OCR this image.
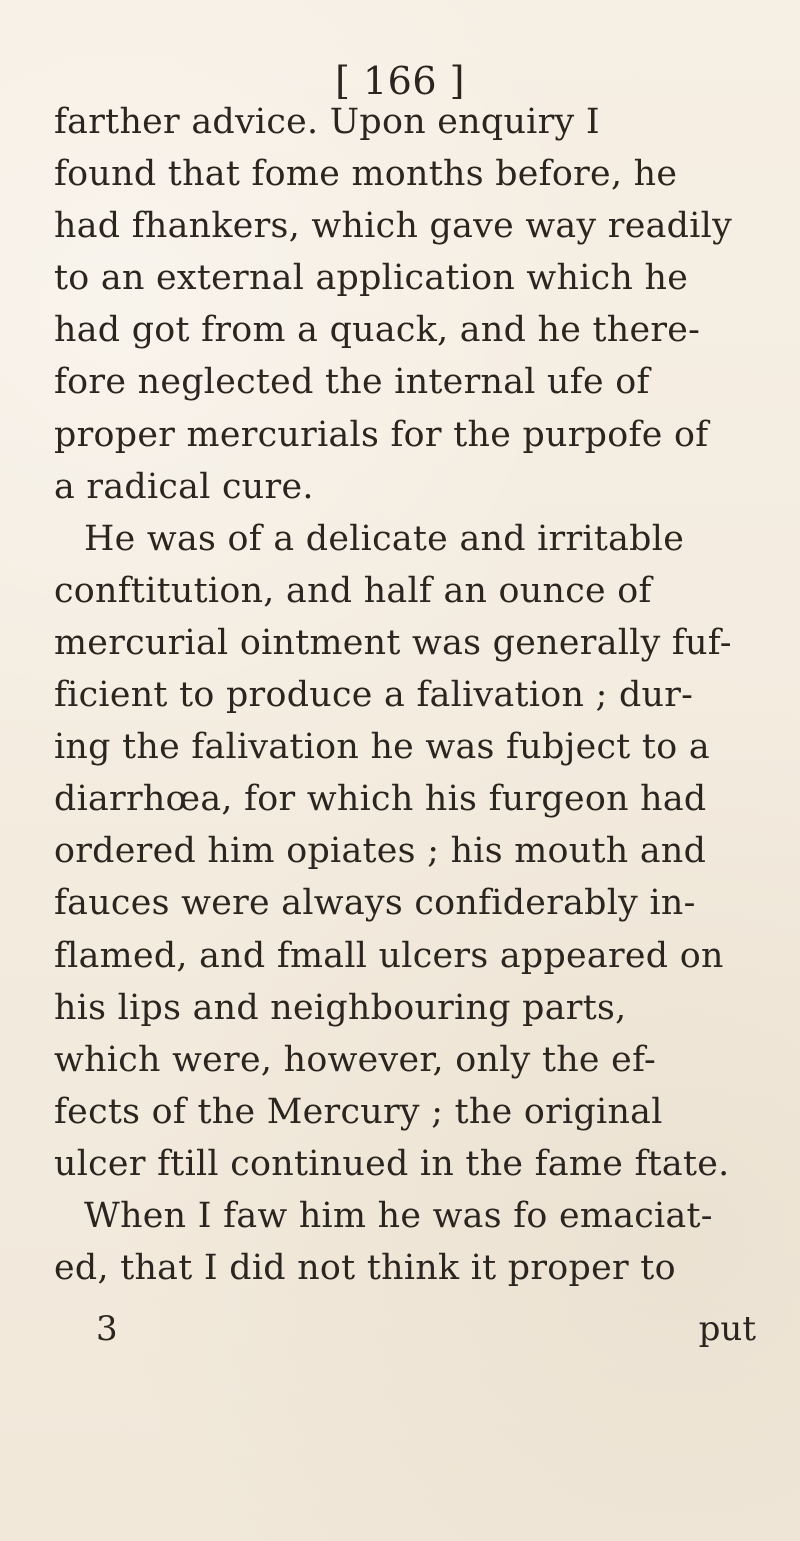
[ 166 ]
farther advice. Upon enquiry I
found that fome months before, he
had fhankers, which gave way readily
to an external application which he
had got from a quack, and he there-
fore neglected the internal ufe of
proper mercurials for the purpofe of
a radical cure.
He was of a delicate and irritable
conftitution, and half an ounce of
mercurial ointment was generally fuf-
ficient to produce a falivation ; dur-
ing the falivation he was fubject to a
diarrhœa, for which his furgeon had
ordered him opiates ; his mouth and
fauces were always confiderably in-
flamed, and fmall ulcers appeared on
his lips and neighbouring parts,
which were, however, only the ef-
fects of the Mercury ; the original
ulcer ftill continued in the fame ftate.
When I faw him he was fo emaciat-
ed, that I did not think it proper to
3	put
